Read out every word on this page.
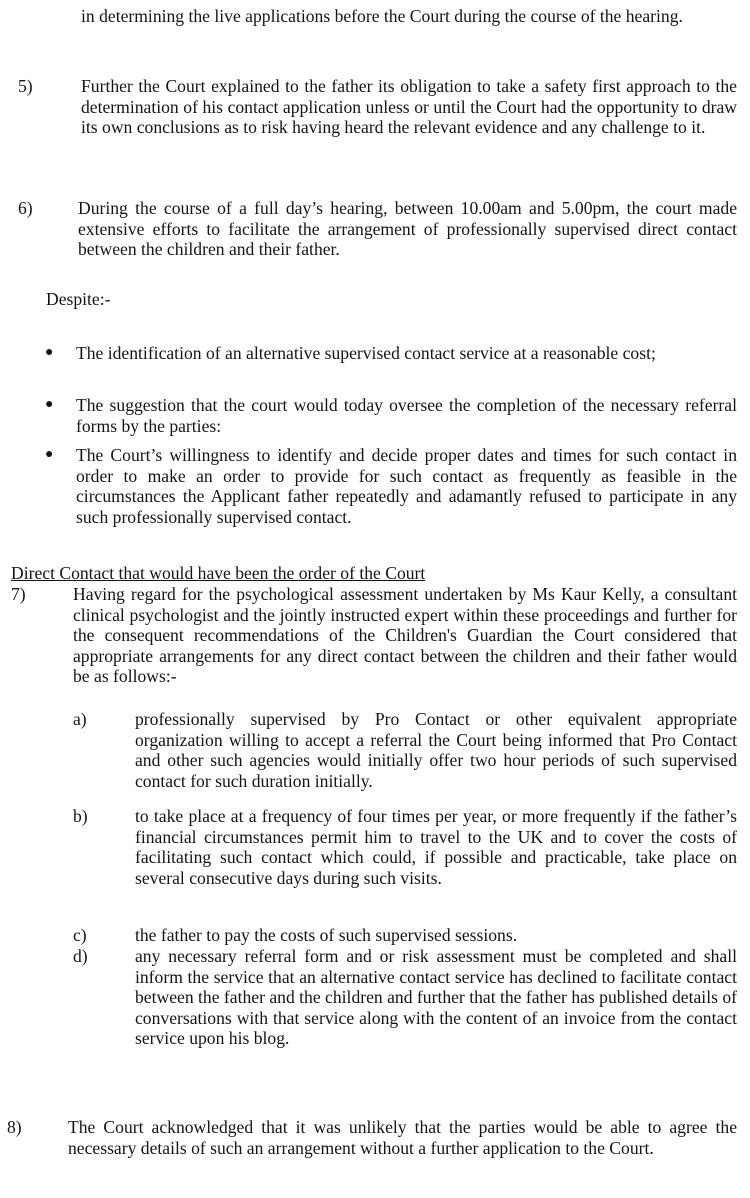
in determining the live applications before the Court during the course of the hearing.

5)	Further the Court explained to the father its obligation to take a safety first approach to the determination of his contact application unless or until the Court had the opportunity to draw its own conclusions as to risk having heard the relevant evidence and any challenge to it.

6)	During the course of a full day’s hearing, between 10.00am and 5.00pm, the court made extensive efforts to facilitate the arrangement of professionally supervised direct contact between the children and their father.

Despite:-

● The identification of an alternative supervised contact service at a reasonable cost;

● The suggestion that the court would today oversee the completion of the necessary referral forms by the parties:

● The Court’s willingness to identify and decide proper dates and times for such contact in order to make an order to provide for such contact as frequently as feasible in the circumstances the Applicant father repeatedly and adamantly refused to participate in any such professionally supervised contact.

Direct Contact that would have been the order of the Court

7)	Having regard for the psychological assessment undertaken by Ms Kaur Kelly, a consultant clinical psychologist and the jointly instructed expert within these proceedings and further for the consequent recommendations of the Children's Guardian the Court considered that appropriate arrangements for any direct contact between the children and their father would be as follows:-

a)	professionally supervised by Pro Contact or other equivalent appropriate organization willing to accept a referral the Court being informed that Pro Contact and other such agencies would initially offer two hour periods of such supervised contact for such duration initially.

b)	to take place at a frequency of four times per year, or more frequently if the father’s financial circumstances permit him to travel to the UK and to cover the costs of facilitating such contact which could, if possible and practicable, take place on several consecutive days during such visits.

c)	the father to pay the costs of such supervised sessions.

d)	any necessary referral form and or risk assessment must be completed and shall inform the service that an alternative contact service has declined to facilitate contact between the father and the children and further that the father has published details of conversations with that service along with the content of an invoice from the contact service upon his blog.

8)	The Court acknowledged that it was unlikely that the parties would be able to agree the necessary details of such an arrangement without a further application to the Court.
